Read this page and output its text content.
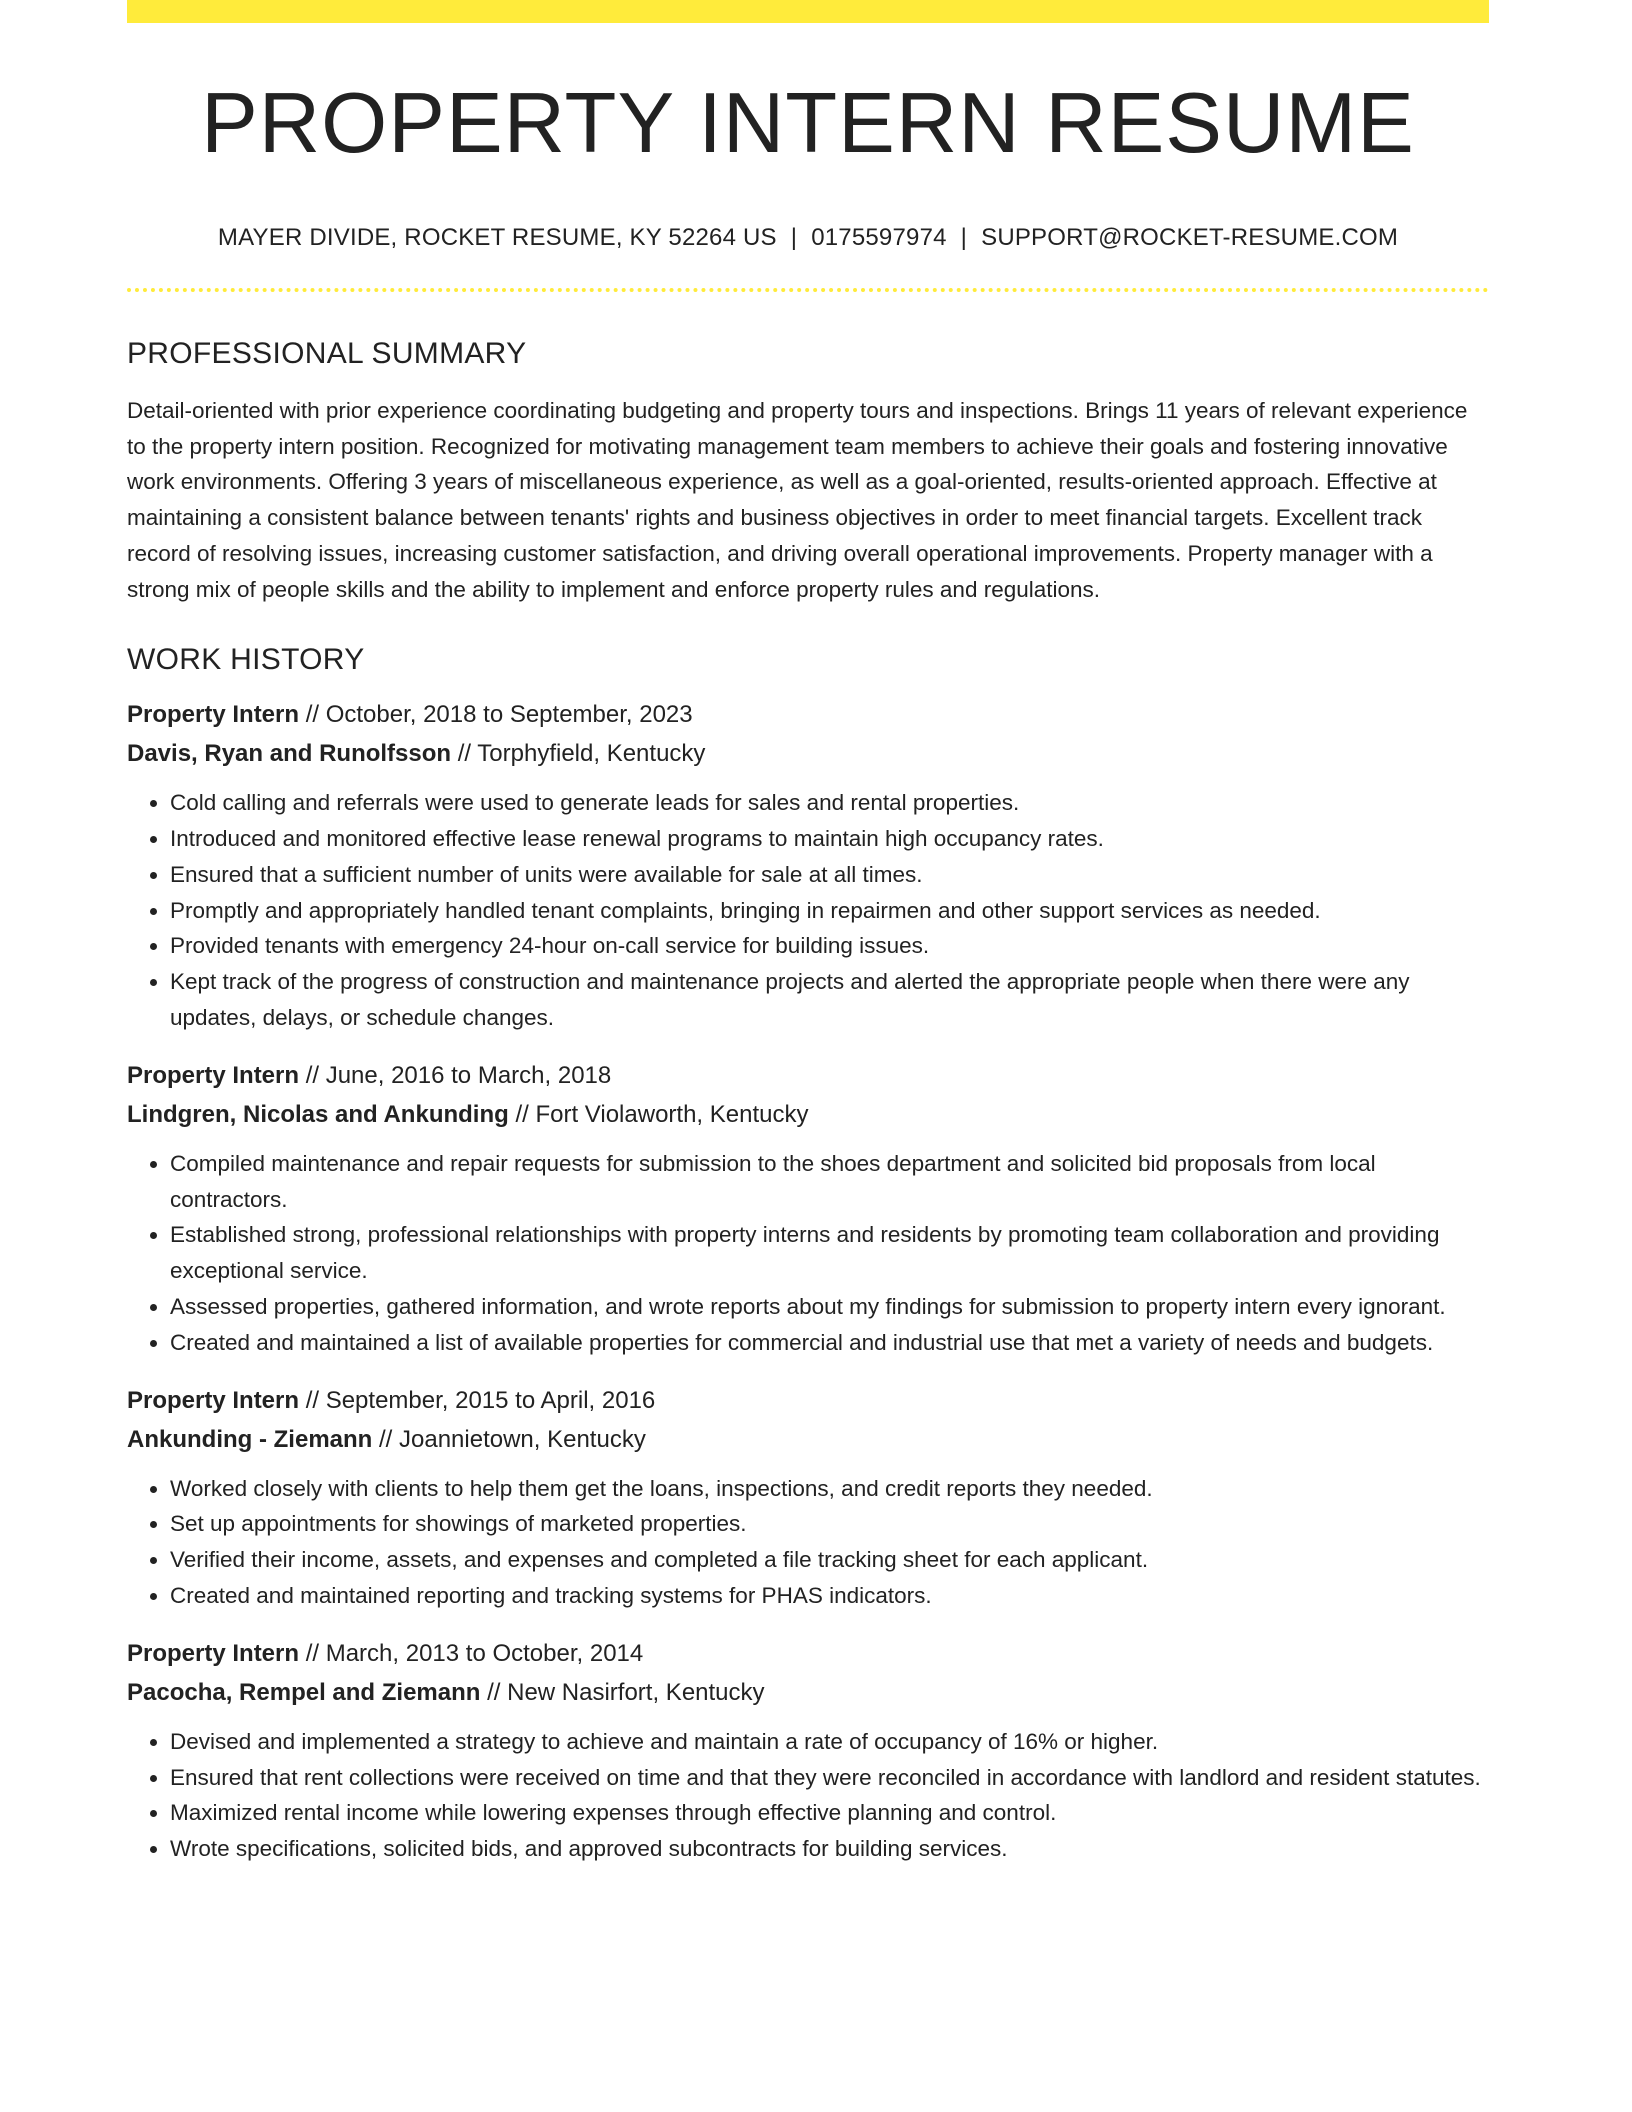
PROPERTY INTERN RESUME
MAYER DIVIDE, ROCKET RESUME, KY 52264 US | 0175597974 | SUPPORT@ROCKET-RESUME.COM
PROFESSIONAL SUMMARY

Detail-oriented with prior experience coordinating budgeting and property tours and inspections. Brings 11 years of relevant experience to the property intern position. Recognized for motivating management team members to achieve their goals and fostering innovative work environments. Offering 3 years of miscellaneous experience, as well as a goal-oriented, results-oriented approach. Effective at maintaining a consistent balance between tenants' rights and business objectives in order to meet financial targets. Excellent track record of resolving issues, increasing customer satisfaction, and driving overall operational improvements. Property manager with a strong mix of people skills and the ability to implement and enforce property rules and regulations.

WORK HISTORY
Property Intern // October, 2018 to September, 2023
Davis, Ryan and Runolfsson // Torphyfield, Kentucky
• Cold calling and referrals were used to generate leads for sales and rental properties.
• Introduced and monitored effective lease renewal programs to maintain high occupancy rates.
• Ensured that a sufficient number of units were available for sale at all times.
• Promptly and appropriately handled tenant complaints, bringing in repairmen and other support services as needed.
• Provided tenants with emergency 24-hour on-call service for building issues.
• Kept track of the progress of construction and maintenance projects and alerted the appropriate people when there were any updates, delays, or schedule changes.
Property Intern // June, 2016 to March, 2018
Lindgren, Nicolas and Ankunding // Fort Violaworth, Kentucky
• Compiled maintenance and repair requests for submission to the shoes department and solicited bid proposals from local contractors.
• Established strong, professional relationships with property interns and residents by promoting team collaboration and providing exceptional service.
• Assessed properties, gathered information, and wrote reports about my findings for submission to property intern every ignorant.
• Created and maintained a list of available properties for commercial and industrial use that met a variety of needs and budgets.
Property Intern // September, 2015 to April, 2016
Ankunding - Ziemann // Joannietown, Kentucky
• Worked closely with clients to help them get the loans, inspections, and credit reports they needed.
• Set up appointments for showings of marketed properties.
• Verified their income, assets, and expenses and completed a file tracking sheet for each applicant.
• Created and maintained reporting and tracking systems for PHAS indicators.
Property Intern // March, 2013 to October, 2014
Pacocha, Rempel and Ziemann // New Nasirfort, Kentucky
• Devised and implemented a strategy to achieve and maintain a rate of occupancy of 16% or higher.
• Ensured that rent collections were received on time and that they were reconciled in accordance with landlord and resident statutes.
• Maximized rental income while lowering expenses through effective planning and control.
• Wrote specifications, solicited bids, and approved subcontracts for building services.
